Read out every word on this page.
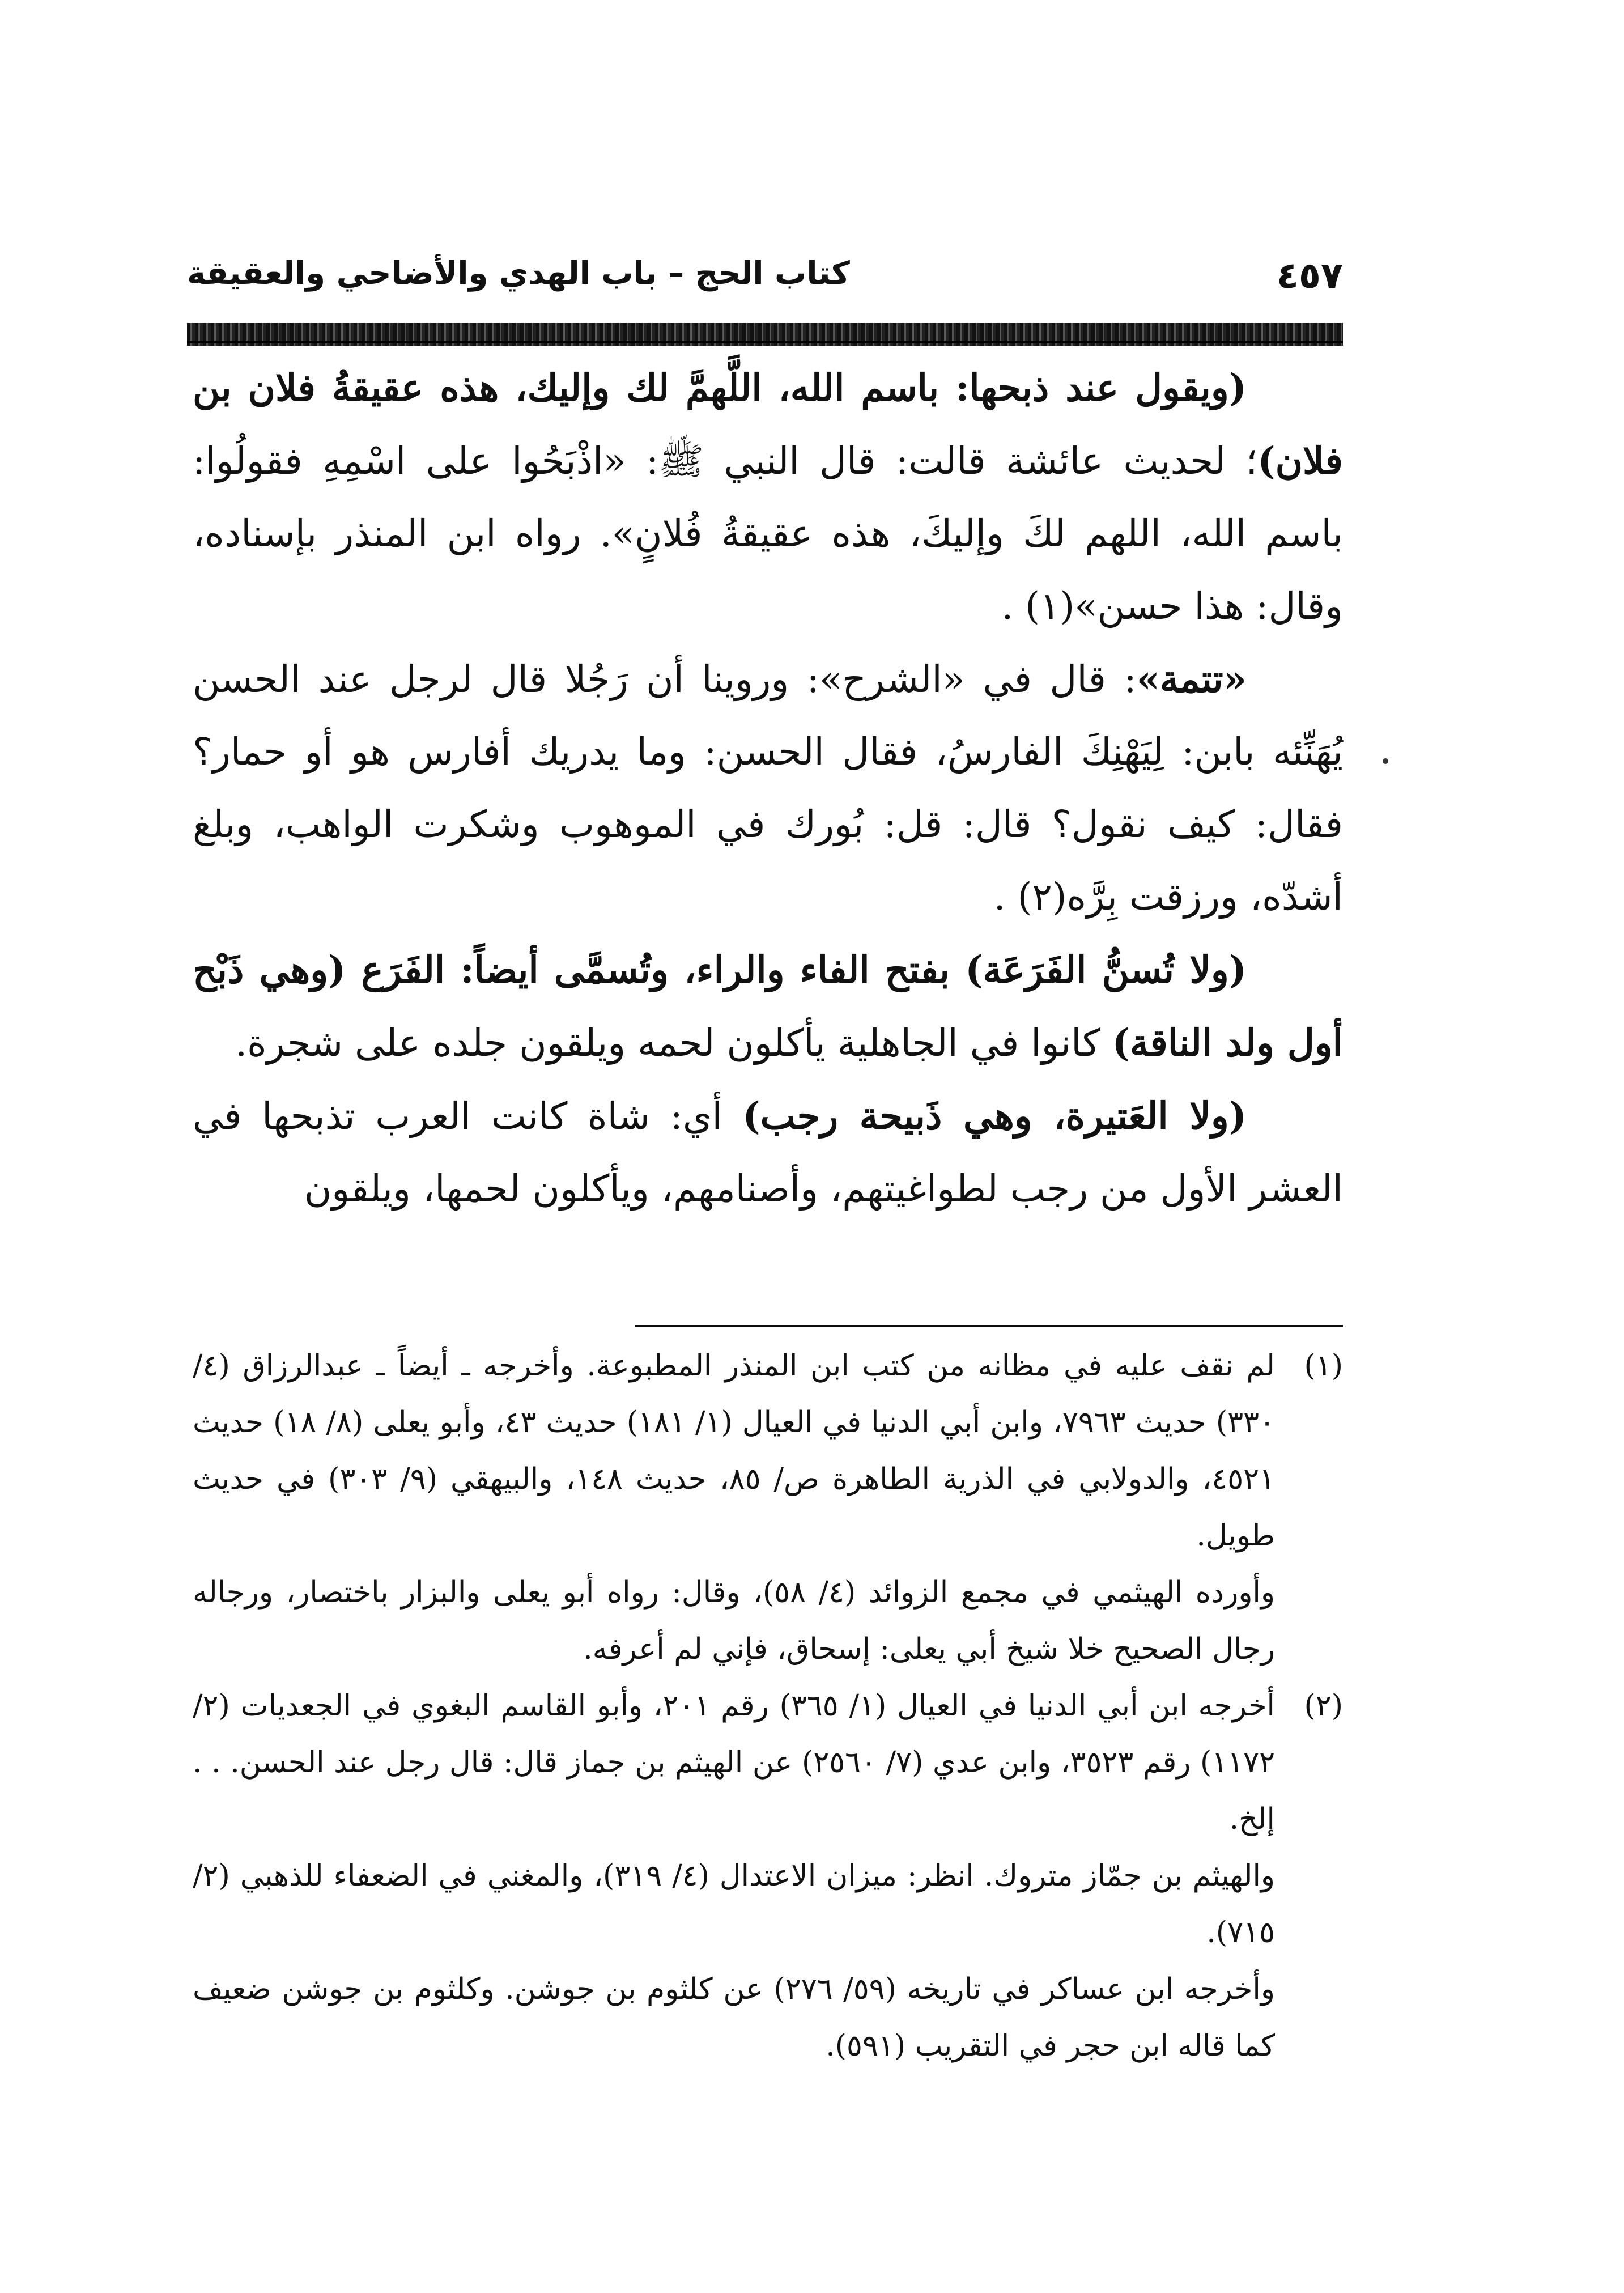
٤٥٧
كتاب الحج – باب الهدي والأضاحي والعقيقة

(ويقول عند ذبحها: باسم الله، اللَّهمَّ لك وإليك، هذه عقيقةُ فلان بن فلان)؛ لحديث عائشة قالت: قال النبي ﷺ: «اذْبَحُوا على اسْمِهِ فقولُوا: باسم الله، اللهم لكَ وإليكَ، هذه عقيقةُ فُلانٍ». رواه ابن المنذر بإسناده، وقال: هذا حسن»(١) .

«تتمة»: قال في «الشرح»: وروينا أن رَجُلا قال لرجل عند الحسن يُهَنِّئه بابن: لِيَهْنِكَ الفارسُ، فقال الحسن: وما يدريك أفارس هو أو حمار؟ فقال: كيف نقول؟ قال: قل: بُورك في الموهوب وشكرت الواهب، وبلغ أشدّه، ورزقت بِرَّه(٢) .

(ولا تُسنُّ الفَرَعَة) بفتح الفاء والراء، وتُسمَّى أيضاً: الفَرَع (وهي ذَبْح أول ولد الناقة) كانوا في الجاهلية يأكلون لحمه ويلقون جلده على شجرة.

(ولا العَتيرة، وهي ذَبيحة رجب) أي: شاة كانت العرب تذبحها في العشر الأول من رجب لطواغيتهم، وأصنامهم، ويأكلون لحمها، ويلقون

(١)

لم نقف عليه في مظانه من كتب ابن المنذر المطبوعة. وأخرجه ـ أيضاً ـ عبدالرزاق (٤/ ٣٣٠) حديث ٧٩٦٣، وابن أبي الدنيا في العيال (١/ ١٨١) حديث ٤٣، وأبو يعلى (٨/ ١٨) حديث ٤٥٢١، والدولابي في الذرية الطاهرة ص/ ٨٥، حديث ١٤٨، والبيهقي (٩/ ٣٠٣) في حديث طويل.

وأورده الهيثمي في مجمع الزوائد (٤/ ٥٨)، وقال: رواه أبو يعلى والبزار باختصار، ورجاله رجال الصحيح خلا شيخ أبي يعلى: إسحاق، فإني لم أعرفه.

(٢)

أخرجه ابن أبي الدنيا في العيال (١/ ٣٦٥) رقم ٢٠١، وأبو القاسم البغوي في الجعديات (٢/ ١١٧٢) رقم ٣٥٢٣، وابن عدي (٧/ ٢٥٦٠) عن الهيثم بن جماز قال: قال رجل عند الحسن. . . إلخ.

والهيثم بن جمّاز متروك. انظر: ميزان الاعتدال (٤/ ٣١٩)، والمغني في الضعفاء للذهبي (٢/ ٧١٥).

وأخرجه ابن عساكر في تاريخه (٥٩/ ٢٧٦) عن كلثوم بن جوشن. وكلثوم بن جوشن ضعيف كما قاله ابن حجر في التقريب (٥٩١).
